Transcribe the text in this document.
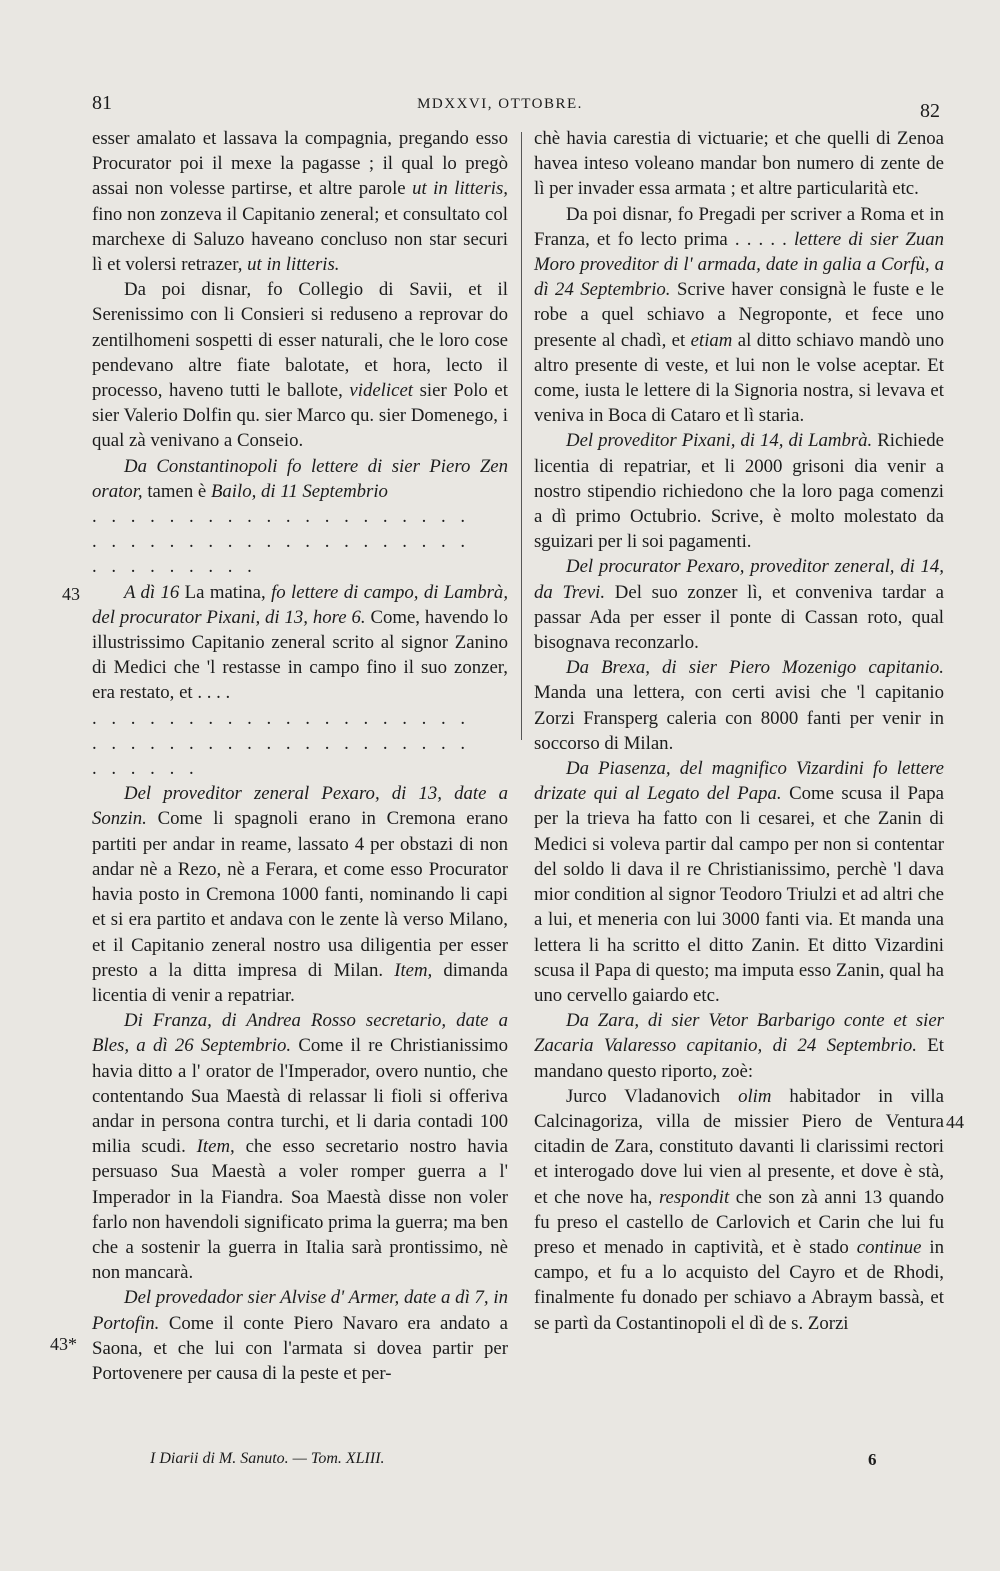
81	MDXXVI, OTTOBRE.	82
43
44
43*

esser amalato et lassava la compagnia, pregando esso Procurator poi il mexe la pagasse ; il qual lo pregò assai non volesse partirse, et altre parole ut in litteris, fino non zonzeva il Capitanio zeneral; et consultato col marchexe di Saluzo haveano concluso non star securi lì et volersi retrazer, ut in litteris.

Da poi disnar, fo Collegio di Savii, et il Serenissimo con li Consieri si reduseno a reprovar do zentilhomeni sospetti di esser naturali, che le loro cose pendevano altre fiate balotate, et hora, lecto il processo, haveno tutti le ballote, videlicet sier Polo et sier Valerio Dolfin qu. sier Marco qu. sier Domenego, i qual zà venivano a Conseio.

Da Constantinopoli fo lettere di sier Piero Zen orator, tamen è Bailo, di 11 Septembrio

. . . . . . . . . . . . . . . . . . . .

. . . . . . . . . . . . . . . . . . . .

. . . . . . . . .

A dì 16 La matina, fo lettere di campo, di Lambrà, del procurator Pixani, di 13, hore 6. Come, havendo lo illustrissimo Capitanio zeneral scrito al signor Zanino di Medici che 'l restasse in campo fino il suo zonzer, era restato, et . . . .

. . . . . . . . . . . . . . . . . . . .

. . . . . . . . . . . . . . . . . . . .

. . . . . .

Del proveditor zeneral Pexaro, di 13, date a Sonzin. Come li spagnoli erano in Cremona erano partiti per andar in reame, lassato 4 per obstazi di non andar nè a Rezo, nè a Ferara, et come esso Procurator havia posto in Cremona 1000 fanti, nominando li capi et si era partito et andava con le zente là verso Milano, et il Capitanio zeneral nostro usa diligentia per esser presto a la ditta impresa di Milan. Item, dimanda licentia di venir a repatriar.

Di Franza, di Andrea Rosso secretario, date a Bles, a dì 26 Septembrio. Come il re Christianissimo havia ditto a l' orator de l'Imperador, overo nuntio, che contentando Sua Maestà di relassar li fioli si offeriva andar in persona contra turchi, et li daria contadi 100 milia scudi. Item, che esso secretario nostro havia persuaso Sua Maestà a voler romper guerra a l' Imperador in la Fiandra. Soa Maestà disse non voler farlo non havendoli significato prima la guerra; ma ben che a sostenir la guerra in Italia sarà prontissimo, nè non mancarà.

Del provedador sier Alvise d' Armer, date a dì 7, in Portofin. Come il conte Piero Navaro era andato a Saona, et che lui con l'armata si dovea partir per Portovenere per causa di la peste et per-

chè havia carestia di victuarie; et che quelli di Zenoa havea inteso voleano mandar bon numero di zente de lì per invader essa armata ; et altre particularità etc.

Da poi disnar, fo Pregadi per scriver a Roma et in Franza, et fo lecto prima . . . . . lettere di sier Zuan Moro proveditor di l' armada, date in galia a Corfù, a dì 24 Septembrio. Scrive haver consignà le fuste e le robe a quel schiavo a Negroponte, et fece uno presente al chadì, et etiam al ditto schiavo mandò uno altro presente di veste, et lui non le volse aceptar. Et come, iusta le lettere di la Signoria nostra, si levava et veniva in Boca di Cataro et lì staria.

Del proveditor Pixani, di 14, di Lambrà. Richiede licentia di repatriar, et li 2000 grisoni dia venir a nostro stipendio richiedono che la loro paga comenzi a dì primo Octubrio. Scrive, è molto molestato da sguizari per li soi pagamenti.

Del procurator Pexaro, proveditor zeneral, di 14, da Trevi. Del suo zonzer lì, et conveniva tardar a passar Ada per esser il ponte di Cassan roto, qual bisognava reconzarlo.

Da Brexa, di sier Piero Mozenigo capitanio. Manda una lettera, con certi avisi che 'l capitanio Zorzi Fransperg caleria con 8000 fanti per venir in soccorso di Milan.

Da Piasenza, del magnifico Vizardini fo lettere drizate qui al Legato del Papa. Come scusa il Papa per la trieva ha fatto con li cesarei, et che Zanin di Medici si voleva partir dal campo per non si contentar del soldo li dava il re Christianissimo, perchè 'l dava mior condition al signor Teodoro Triulzi et ad altri che a lui, et meneria con lui 3000 fanti via. Et manda una lettera li ha scritto el ditto Zanin. Et ditto Vizardini scusa il Papa di questo; ma imputa esso Zanin, qual ha uno cervello gaiardo etc.

Da Zara, di sier Vetor Barbarigo conte et sier Zacaria Valaresso capitanio, di 24 Septembrio. Et mandano questo riporto, zoè:

Jurco Vladanovich olim habitador in villa Calcinagoriza, villa de missier Piero de Ventura citadin de Zara, constituto davanti li clarissimi rectori et interogado dove lui vien al presente, et dove è stà, et che nove ha, respondit che son zà anni 13 quando fu preso el castello de Carlovich et Carin che lui fu preso et menado in captività, et è stado continue in campo, et fu a lo acquisto del Cayro et de Rhodi, finalmente fu donado per schiavo a Abraym bassà, et se partì da Costantinopoli el dì de s. Zorzi

I Diarii di M. Sanuto. — Tom. XLIII.	6
